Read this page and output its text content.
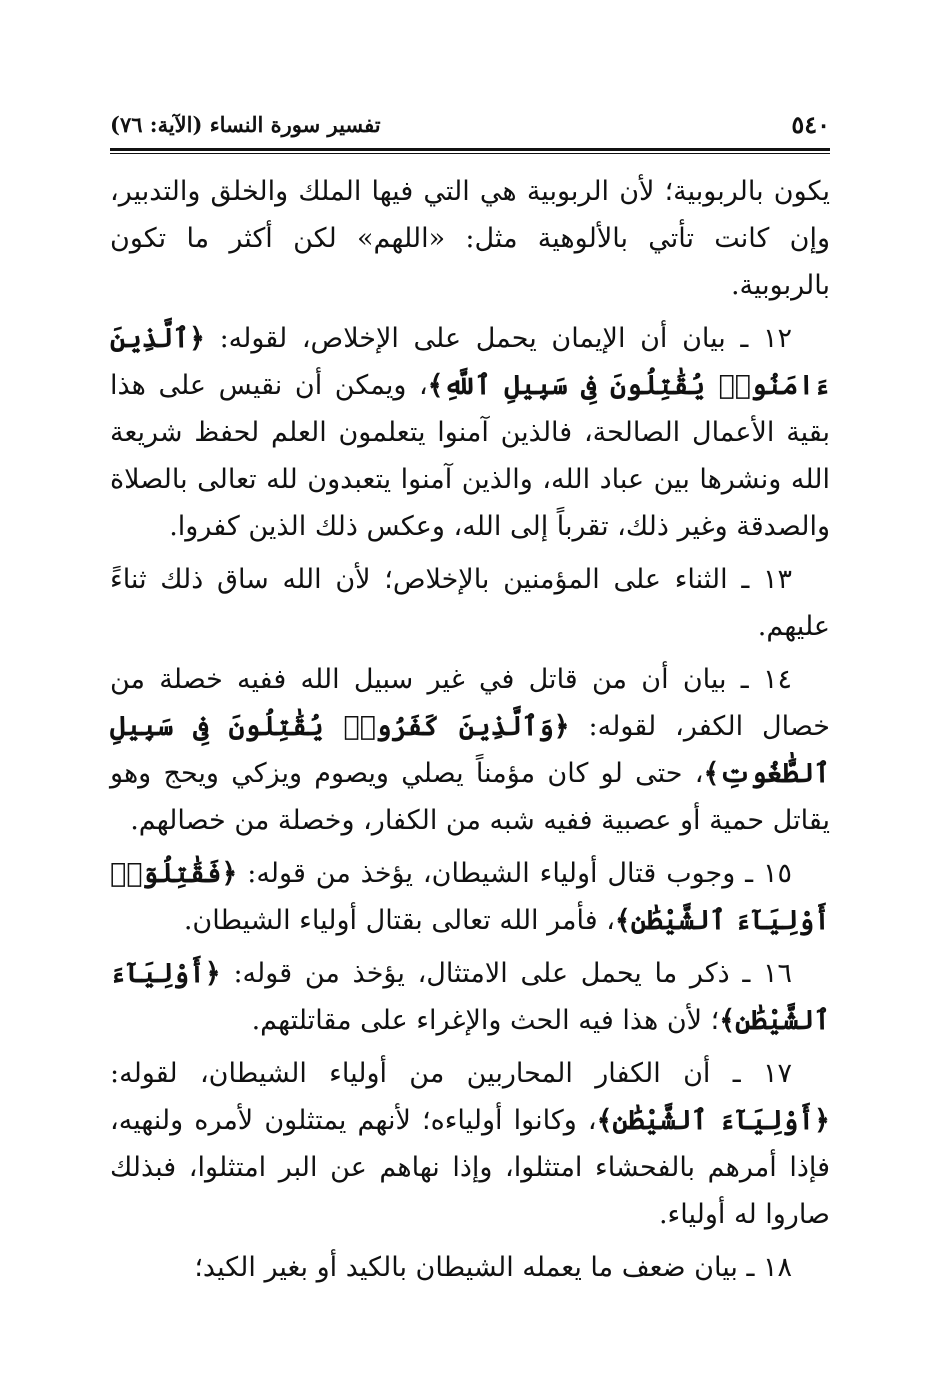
٥٤٠
تفسير سورة النساء (الآية: ٧٦)

يكون بالربوبية؛ لأن الربوبية هي التي فيها الملك والخلق والتدبير، وإن كانت تأتي بالألوهية مثل: «اللهم» لكن أكثر ما تكون بالربوبية.

١٢ ـ بيان أن الإيمان يحمل على الإخلاص، لقوله: ﴿ٱلَّذِينَ ءَامَنُوا۟ يُقَٰتِلُونَ فِى سَبِيلِ ٱللَّهِ﴾، ويمكن أن نقيس على هذا بقية الأعمال الصالحة، فالذين آمنوا يتعلمون العلم لحفظ شريعة الله ونشرها بين عباد الله، والذين آمنوا يتعبدون لله تعالى بالصلاة والصدقة وغير ذلك، تقرباً إلى الله، وعكس ذلك الذين كفروا.

١٣ ـ الثناء على المؤمنين بالإخلاص؛ لأن الله ساق ذلك ثناءً عليهم.

١٤ ـ بيان أن من قاتل في غير سبيل الله ففيه خصلة من خصال الكفر، لقوله: ﴿وَٱلَّذِينَ كَفَرُوا۟ يُقَٰتِلُونَ فِى سَبِيلِ ٱلطَّٰغُوتِ﴾، حتى لو كان مؤمناً يصلي ويصوم ويزكي ويحج وهو يقاتل حمية أو عصبية ففيه شبه من الكفار، وخصلة من خصالهم.

١٥ ـ وجوب قتال أولياء الشيطان، يؤخذ من قوله: ﴿فَقَٰتِلُوٓا۟ أَوْلِيَآءَ ٱلشَّيْطَٰنِ﴾، فأمر الله تعالى بقتال أولياء الشيطان.

١٦ ـ ذكر ما يحمل على الامتثال، يؤخذ من قوله: ﴿أَوْلِيَآءَ ٱلشَّيْطَٰنِ﴾؛ لأن هذا فيه الحث والإغراء على مقاتلتهم.

١٧ ـ أن الكفار المحاربين من أولياء الشيطان، لقوله: ﴿أَوْلِيَآءَ ٱلشَّيْطَٰنِ﴾، وكانوا أولياءه؛ لأنهم يمتثلون لأمره ولنهيه، فإذا أمرهم بالفحشاء امتثلوا، وإذا نهاهم عن البر امتثلوا، فبذلك صاروا له أولياء.

١٨ ـ بيان ضعف ما يعمله الشيطان بالكيد أو بغير الكيد؛
